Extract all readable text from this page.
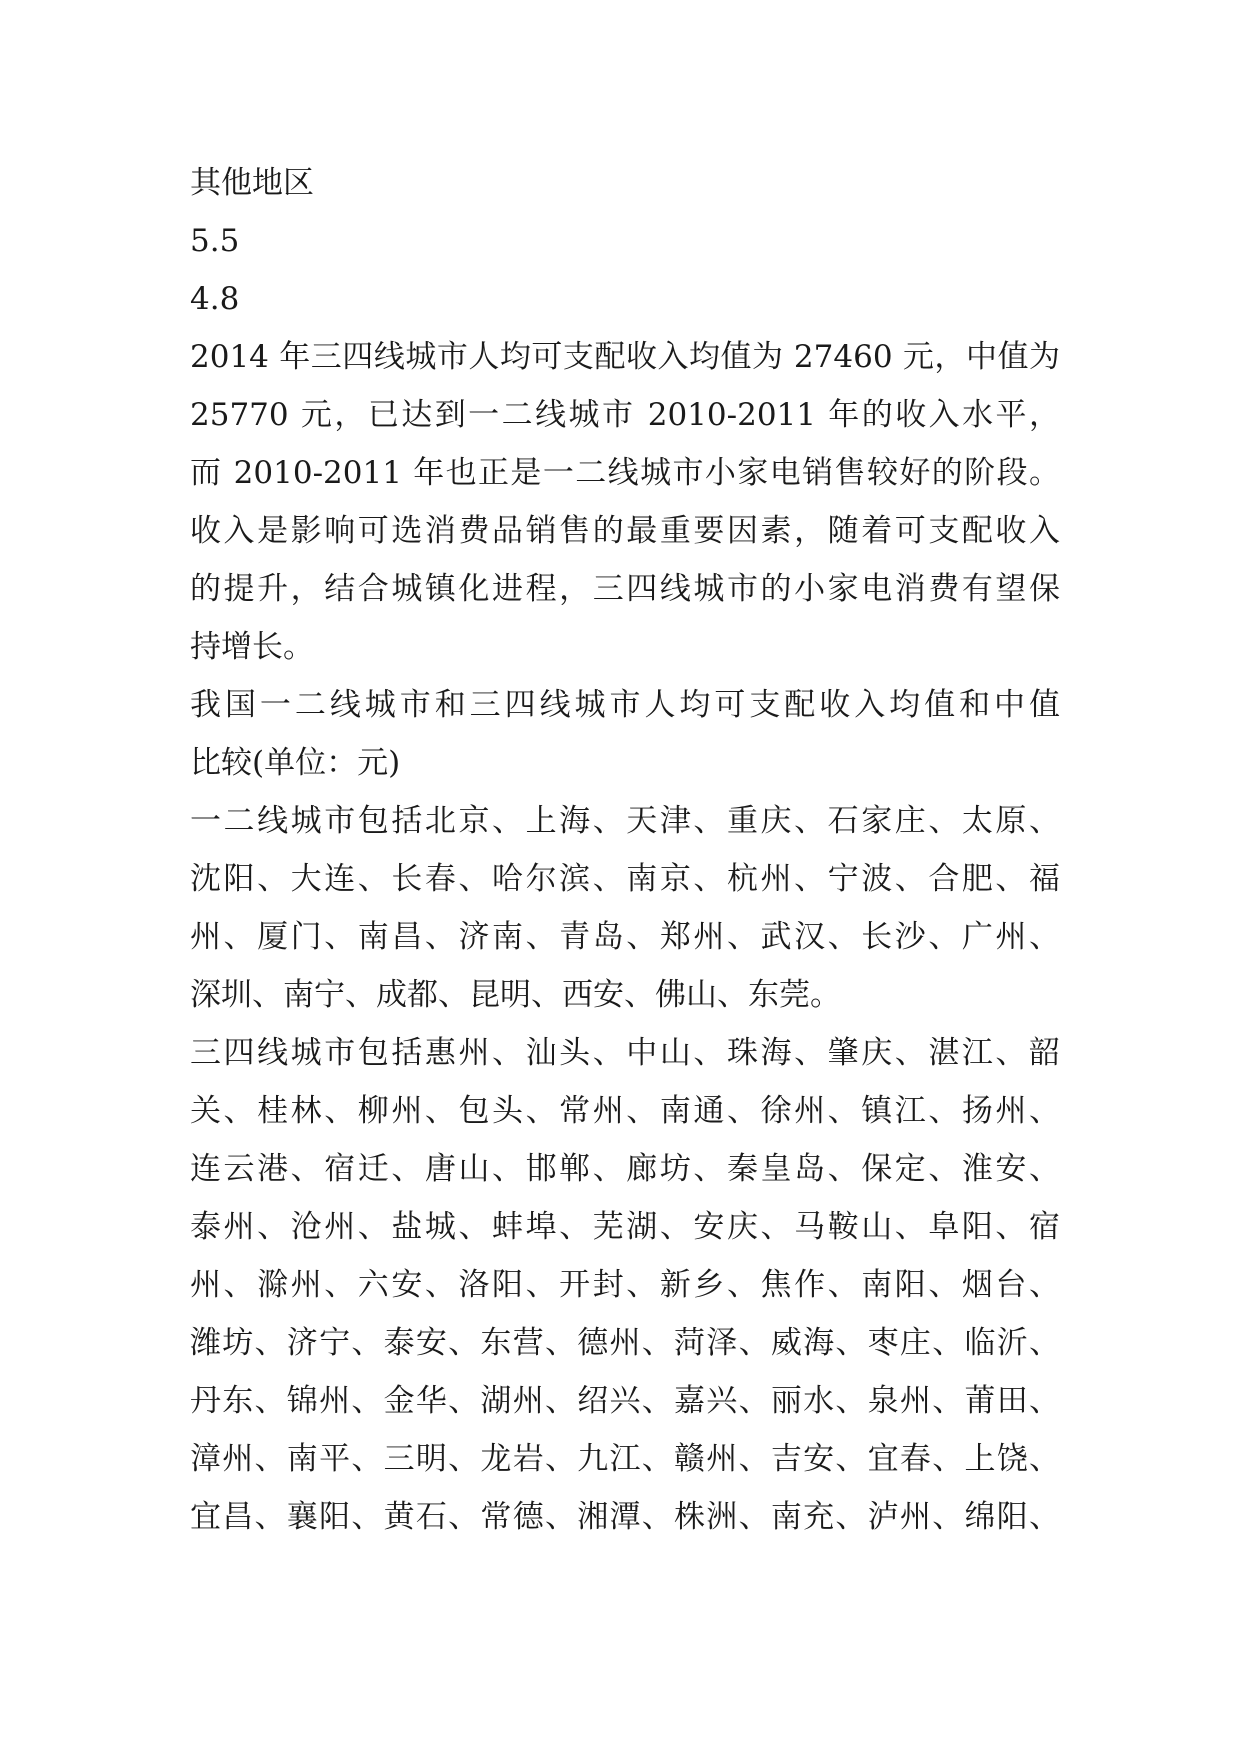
其他地区
5.5
4.8
2014 年三四线城市人均可支配收入均值为 27460 元，中值为
25770 元，已达到一二线城市 2010-2011 年的收入水平，
而 2010-2011 年也正是一二线城市小家电销售较好的阶段。
收入是影响可选消费品销售的最重要因素，随着可支配收入
的提升，结合城镇化进程，三四线城市的小家电消费有望保
持增长。
我国一二线城市和三四线城市人均可支配收入均值和中值
比较(单位：元)
一二线城市包括北京、上海、天津、重庆、石家庄、太原、
沈阳、大连、长春、哈尔滨、南京、杭州、宁波、合肥、福
州、厦门、南昌、济南、青岛、郑州、武汉、长沙、广州、
深圳、南宁、成都、昆明、西安、佛山、东莞。
三四线城市包括惠州、汕头、中山、珠海、肇庆、湛江、韶
关、桂林、柳州、包头、常州、南通、徐州、镇江、扬州、
连云港、宿迁、唐山、邯郸、廊坊、秦皇岛、保定、淮安、
泰州、沧州、盐城、蚌埠、芜湖、安庆、马鞍山、阜阳、宿
州、滁州、六安、洛阳、开封、新乡、焦作、南阳、烟台、
潍坊、济宁、泰安、东营、德州、菏泽、威海、枣庄、临沂、
丹东、锦州、金华、湖州、绍兴、嘉兴、丽水、泉州、莆田、
漳州、南平、三明、龙岩、九江、赣州、吉安、宜春、上饶、
宜昌、襄阳、黄石、常德、湘潭、株洲、南充、泸州、绵阳、
